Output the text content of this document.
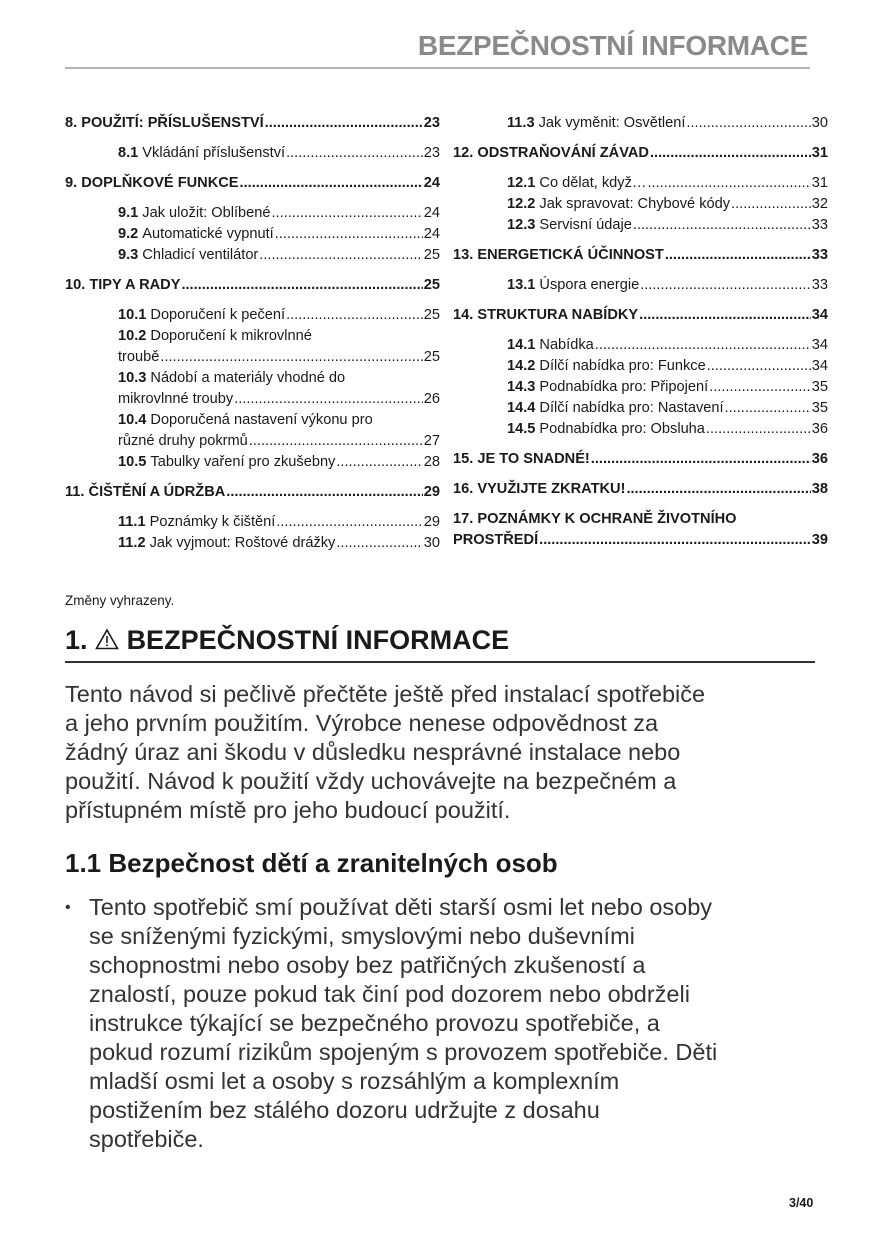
BEZPEČNOSTNÍ INFORMACE
8. POUŽITÍ: PŘÍSLUŠENSTVÍ .....	23
8.1 Vkládání příslušenství .....	23
9. DOPLŇKOVÉ FUNKCE .....	24
9.1 Jak uložit: Oblíbené .....	24
9.2 Automatické vypnutí .....	24
9.3 Chladicí ventilátor .....	25
10. TIPY A RADY .....	25
10.1 Doporučení k pečení .....	25
10.2 Doporučení k mikrovlnné
troubě .....	25
10.3 Nádobí a materiály vhodné do
mikrovlnné trouby .....	26
10.4 Doporučená nastavení výkonu pro
různé druhy pokrmů .....	27
10.5 Tabulky vaření pro zkušebny .....	28
11. ČIŠTĚNÍ A ÚDRŽBA .....	29
11.1 Poznámky k čištění .....	29
11.2 Jak vyjmout: Roštové drážky .....	30
11.3 Jak vyměnit: Osvětlení .....	30
12. ODSTRAŇOVÁNÍ ZÁVAD .....	31
12.1 Co dělat, když… .....	31
12.2 Jak spravovat: Chybové kódy .....	32
12.3 Servisní údaje .....	33
13. ENERGETICKÁ ÚČINNOST .....	33
13.1 Úspora energie .....	33
14. STRUKTURA NABÍDKY .....	34
14.1 Nabídka .....	34
14.2 Dílčí nabídka pro: Funkce .....	34
14.3 Podnabídka pro: Připojení .....	35
14.4 Dílčí nabídka pro: Nastavení .....	35
14.5 Podnabídka pro: Obsluha .....	36
15. JE TO SNADNÉ! .....	36
16. VYUŽIJTE ZKRATKU! .....	38
17. POZNÁMKY K OCHRANĚ ŽIVOTNÍHO
PROSTŘEDÍ .....	39
Změny vyhrazeny.
1. BEZPEČNOSTNÍ INFORMACE
Tento návod si pečlivě přečtěte ještě před instalací spotřebiče
a jeho prvním použitím. Výrobce nenese odpovědnost za
žádný úraz ani škodu v důsledku nesprávné instalace nebo
použití. Návod k použití vždy uchovávejte na bezpečném a
přístupném místě pro jeho budoucí použití.
1.1 Bezpečnost dětí a zranitelných osob
• Tento spotřebič smí používat děti starší osmi let nebo osoby
se sníženými fyzickými, smyslovými nebo duševními
schopnostmi nebo osoby bez patřičných zkušeností a
znalostí, pouze pokud tak činí pod dozorem nebo obdrželi
instrukce týkající se bezpečného provozu spotřebiče, a
pokud rozumí rizikům spojeným s provozem spotřebiče. Děti
mladší osmi let a osoby s rozsáhlým a komplexním
postižením bez stálého dozoru udržujte z dosahu
spotřebiče.
3/40
